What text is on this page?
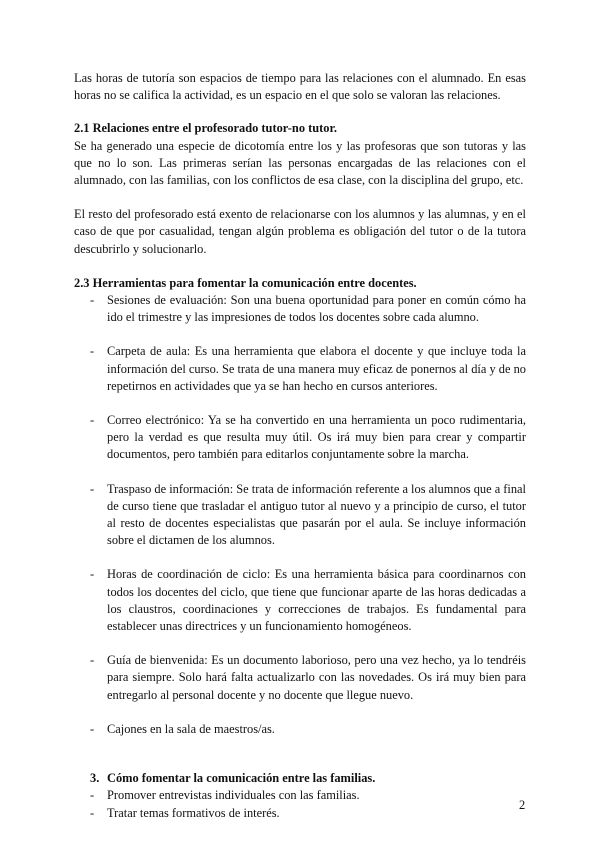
Las horas de tutoría son espacios de tiempo para las relaciones con el alumnado. En esas horas no se califica la actividad, es un espacio en el que solo se valoran las relaciones.

2.1 Relaciones entre el profesorado tutor-no tutor.

Se ha generado una especie de dicotomía entre los y las profesoras que son tutoras y las que no lo son. Las primeras serían las personas encargadas de las relaciones con el alumnado, con las familias, con los conflictos de esa clase, con la disciplina del grupo, etc.

El resto del profesorado está exento de relacionarse con los alumnos y las alumnas, y en el caso de que por casualidad, tengan algún problema es obligación del tutor o de la tutora descubrirlo y solucionarlo.

2.3 Herramientas para fomentar la comunicación entre docentes.

- Sesiones de evaluación: Son una buena oportunidad para poner en común cómo ha ido el trimestre y las impresiones de todos los docentes sobre cada alumno.
- Carpeta de aula: Es una herramienta que elabora el docente y que incluye toda la información del curso. Se trata de una manera muy eficaz de ponernos al día y de no repetirnos en actividades que ya se han hecho en cursos anteriores.
- Correo electrónico: Ya se ha convertido en una herramienta un poco rudimentaria, pero la verdad es que resulta muy útil. Os irá muy bien para crear y compartir documentos, pero también para editarlos conjuntamente sobre la marcha.
- Traspaso de información: Se trata de información referente a los alumnos que a final de curso tiene que trasladar el antiguo tutor al nuevo y a principio de curso, el tutor al resto de docentes especialistas que pasarán por el aula. Se incluye información sobre el dictamen de los alumnos.
- Horas de coordinación de ciclo: Es una herramienta básica para coordinarnos con todos los docentes del ciclo, que tiene que funcionar aparte de las horas dedicadas a los claustros, coordinaciones y correcciones de trabajos. Es fundamental para establecer unas directrices y un funcionamiento homogéneos.
- Guía de bienvenida: Es un documento laborioso, pero una vez hecho, ya lo tendréis para siempre. Solo hará falta actualizarlo con las novedades. Os irá muy bien para entregarlo al personal docente y no docente que llegue nuevo.
- Cajones en la sala de maestros/as.

3. Cómo fomentar la comunicación entre las familias.

- Promover entrevistas individuales con las familias.
- Tratar temas formativos de interés.
2
